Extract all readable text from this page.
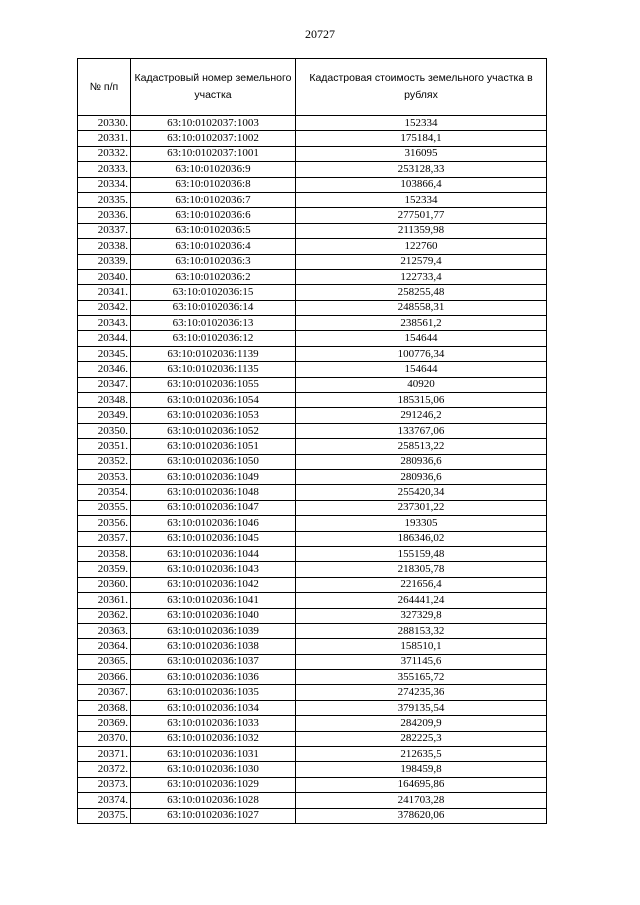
20727
№ п/п	Кадастровый номер земельного участка	Кадастровая стоимость земельного участка в рублях
20330.	63:10:0102037:1003	152334
20331.	63:10:0102037:1002	175184,1
20332.	63:10:0102037:1001	316095
20333.	63:10:0102036:9	253128,33
20334.	63:10:0102036:8	103866,4
20335.	63:10:0102036:7	152334
20336.	63:10:0102036:6	277501,77
20337.	63:10:0102036:5	211359,98
20338.	63:10:0102036:4	122760
20339.	63:10:0102036:3	212579,4
20340.	63:10:0102036:2	122733,4
20341.	63:10:0102036:15	258255,48
20342.	63:10:0102036:14	248558,31
20343.	63:10:0102036:13	238561,2
20344.	63:10:0102036:12	154644
20345.	63:10:0102036:1139	100776,34
20346.	63:10:0102036:1135	154644
20347.	63:10:0102036:1055	40920
20348.	63:10:0102036:1054	185315,06
20349.	63:10:0102036:1053	291246,2
20350.	63:10:0102036:1052	133767,06
20351.	63:10:0102036:1051	258513,22
20352.	63:10:0102036:1050	280936,6
20353.	63:10:0102036:1049	280936,6
20354.	63:10:0102036:1048	255420,34
20355.	63:10:0102036:1047	237301,22
20356.	63:10:0102036:1046	193305
20357.	63:10:0102036:1045	186346,02
20358.	63:10:0102036:1044	155159,48
20359.	63:10:0102036:1043	218305,78
20360.	63:10:0102036:1042	221656,4
20361.	63:10:0102036:1041	264441,24
20362.	63:10:0102036:1040	327329,8
20363.	63:10:0102036:1039	288153,32
20364.	63:10:0102036:1038	158510,1
20365.	63:10:0102036:1037	371145,6
20366.	63:10:0102036:1036	355165,72
20367.	63:10:0102036:1035	274235,36
20368.	63:10:0102036:1034	379135,54
20369.	63:10:0102036:1033	284209,9
20370.	63:10:0102036:1032	282225,3
20371.	63:10:0102036:1031	212635,5
20372.	63:10:0102036:1030	198459,8
20373.	63:10:0102036:1029	164695,86
20374.	63:10:0102036:1028	241703,28
20375.	63:10:0102036:1027	378620,06
